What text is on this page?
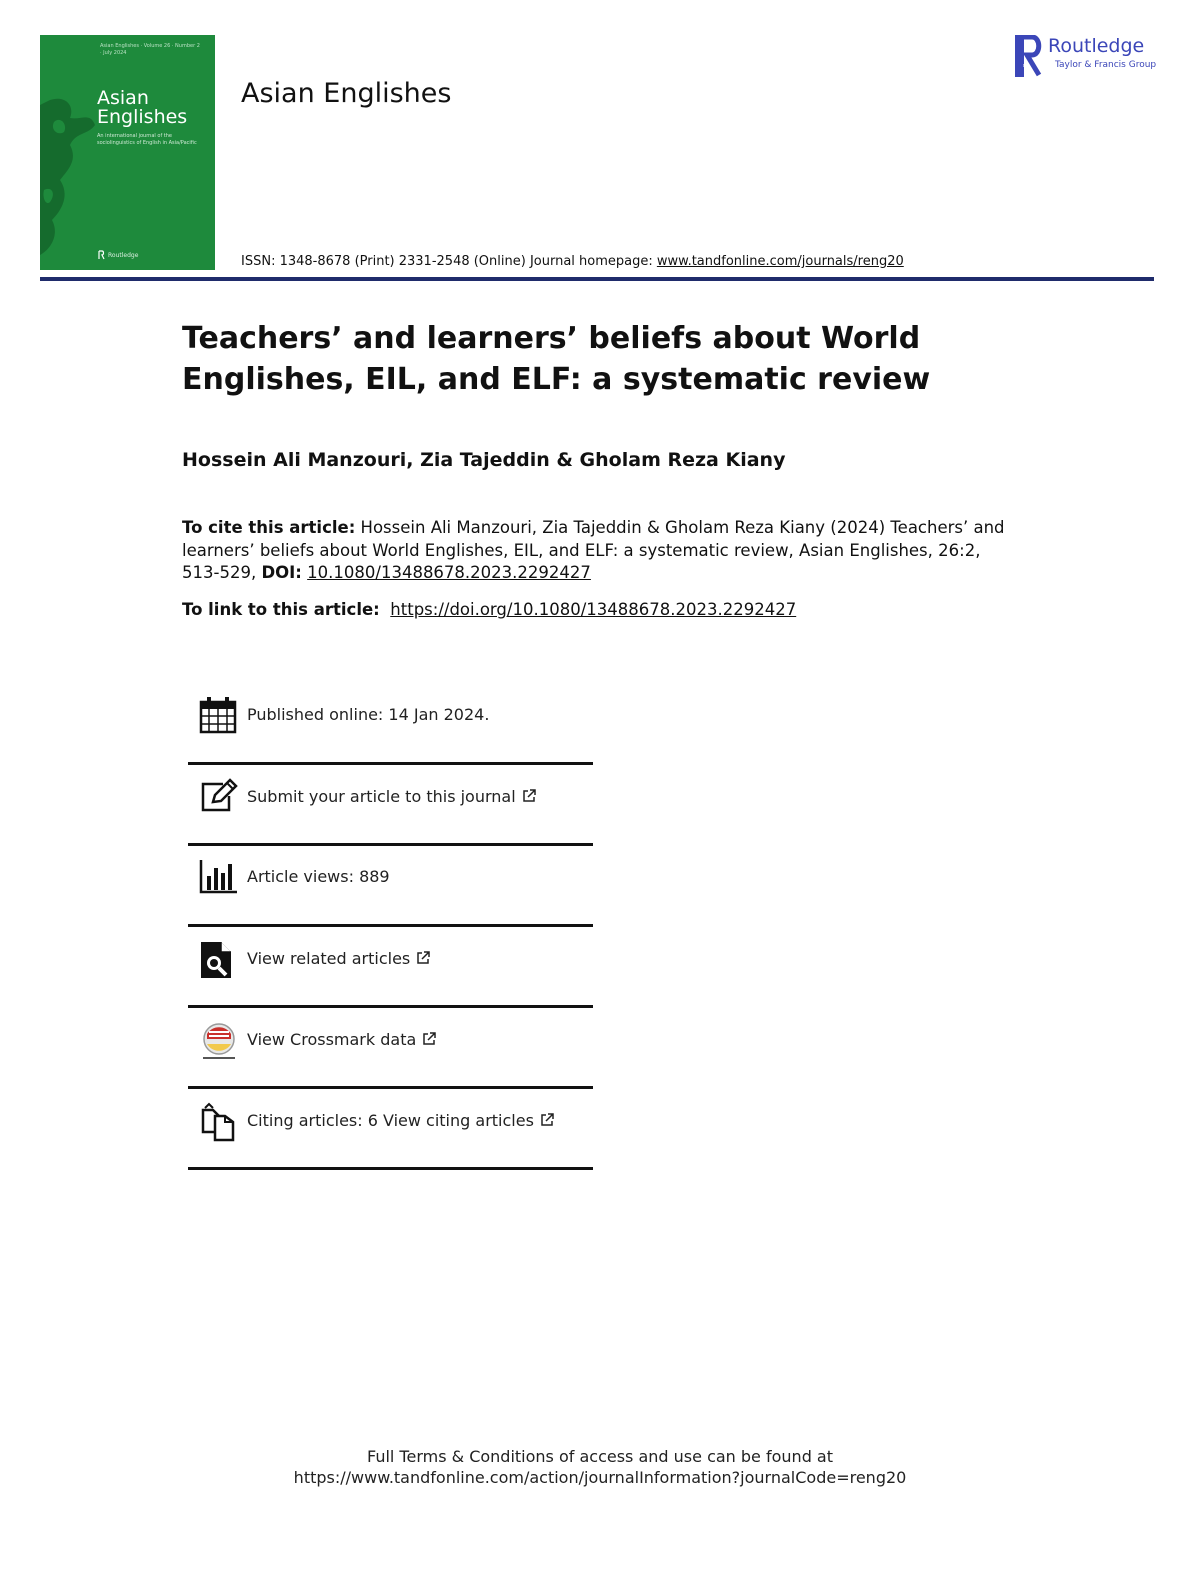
Asian Englishes · Volume 26 · Number 2 · July 2024
Asian
Englishes
An international journal of the sociolinguistics of English in Asia/Pacific
Routledge
Asian Englishes
R
Routledge
Taylor & Francis Group
ISSN: 1348-8678 (Print) 2331-2548 (Online) Journal homepage: www.tandfonline.com/journals/reng20
Teachers’ and learners’ beliefs about World Englishes, EIL, and ELF: a systematic review
Hossein Ali Manzouri, Zia Tajeddin & Gholam Reza Kiany
To cite this article: Hossein Ali Manzouri, Zia Tajeddin & Gholam Reza Kiany (2024) Teachers’ and learners’ beliefs about World Englishes, EIL, and ELF: a systematic review, Asian Englishes, 26:2, 513-529, DOI: 10.1080/13488678.2023.2292427
To link to this article: https://doi.org/10.1080/13488678.2023.2292427
Published online: 14 Jan 2024.
Submit your article to this journal
Article views: 889
View related articles
View Crossmark data
Citing articles: 6 View citing articles
Full Terms & Conditions of access and use can be found at
https://www.tandfonline.com/action/journalInformation?journalCode=reng20
